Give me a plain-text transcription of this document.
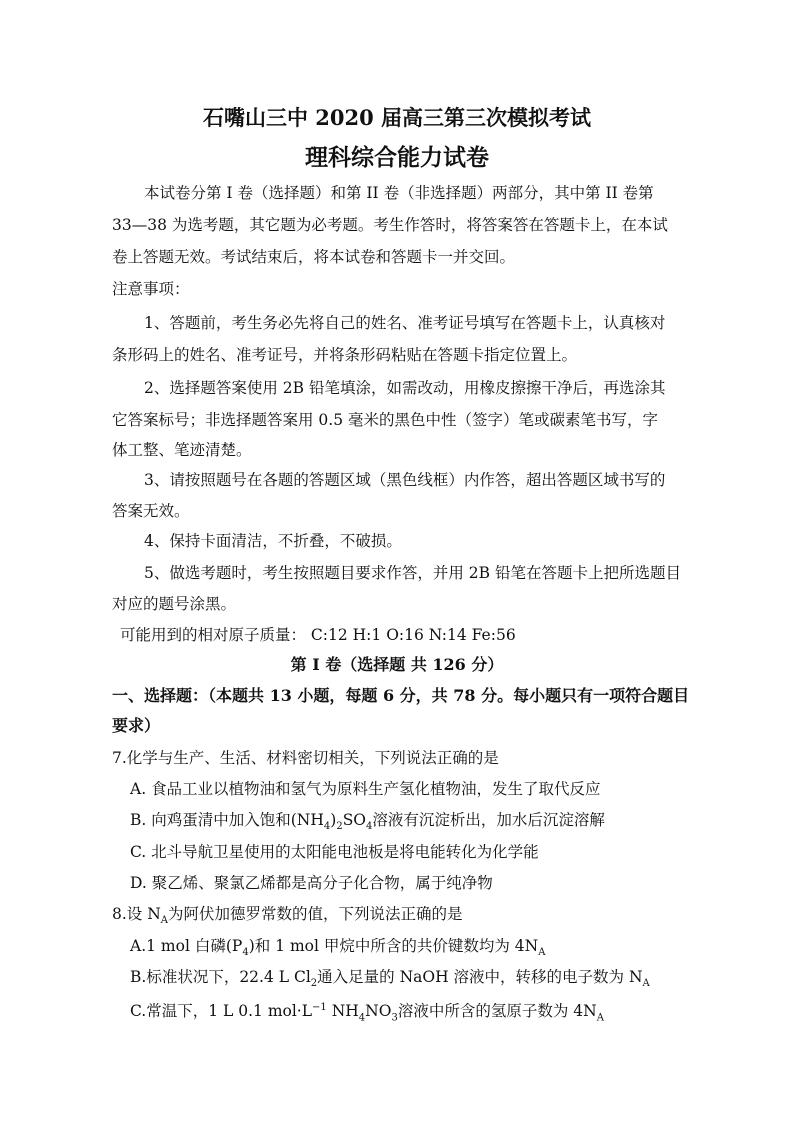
石嘴山三中 2020 届高三第三次模拟考试
理科综合能力试卷
本试卷分第 I 卷（选择题）和第 II 卷（非选择题）两部分，其中第 II 卷第
33—38 为选考题，其它题为必考题。考生作答时，将答案答在答题卡上，在本试
卷上答题无效。考试结束后，将本试卷和答题卡一并交回。
注意事项：
1、答题前，考生务必先将自己的姓名、准考证号填写在答题卡上，认真核对
条形码上的姓名、准考证号，并将条形码粘贴在答题卡指定位置上。
2、选择题答案使用 2B 铅笔填涂，如需改动，用橡皮擦擦干净后，再选涂其
它答案标号；非选择题答案用 0.5 毫米的黑色中性（签字）笔或碳素笔书写，字
体工整、笔迹清楚。
3、请按照题号在各题的答题区域（黑色线框）内作答，超出答题区域书写的
答案无效。
4、保持卡面清洁，不折叠，不破损。
5、做选考题时，考生按照题目要求作答，并用 2B 铅笔在答题卡上把所选题目
对应的题号涂黑。
可能用到的相对原子质量： C:12 H:1 O:16 N:14 Fe:56
第 I 卷（选择题 共 126 分）
一、选择题：（本题共 13 小题，每题 6 分，共 78 分。每小题只有一项符合题目
要求）
7.化学与生产、生活、材料密切相关，下列说法正确的是
A. 食品工业以植物油和氢气为原料生产氢化植物油，发生了取代反应
B. 向鸡蛋清中加入饱和$(NH_4)_2SO_4$溶液有沉淀析出，加水后沉淀溶解
C. 北斗导航卫星使用的太阳能电池板是将电能转化为化学能
D. 聚乙烯、聚氯乙烯都是高分子化合物，属于纯净物
8.设 $N_A$为阿伏加德罗常数的值，下列说法正确的是
A.1 mol 白磷$(P_4)$和 1 mol 甲烷中所含的共价键数均为 $4N_A$
B.标准状况下，22.4 L $Cl_2$通入足量的 NaOH 溶液中，转移的电子数为 $N_A$
C.常温下，1 L 0.1 $mol\cdot L^{-1}$ $NH_4NO_3$溶液中所含的氢原子数为 $4N_A$
